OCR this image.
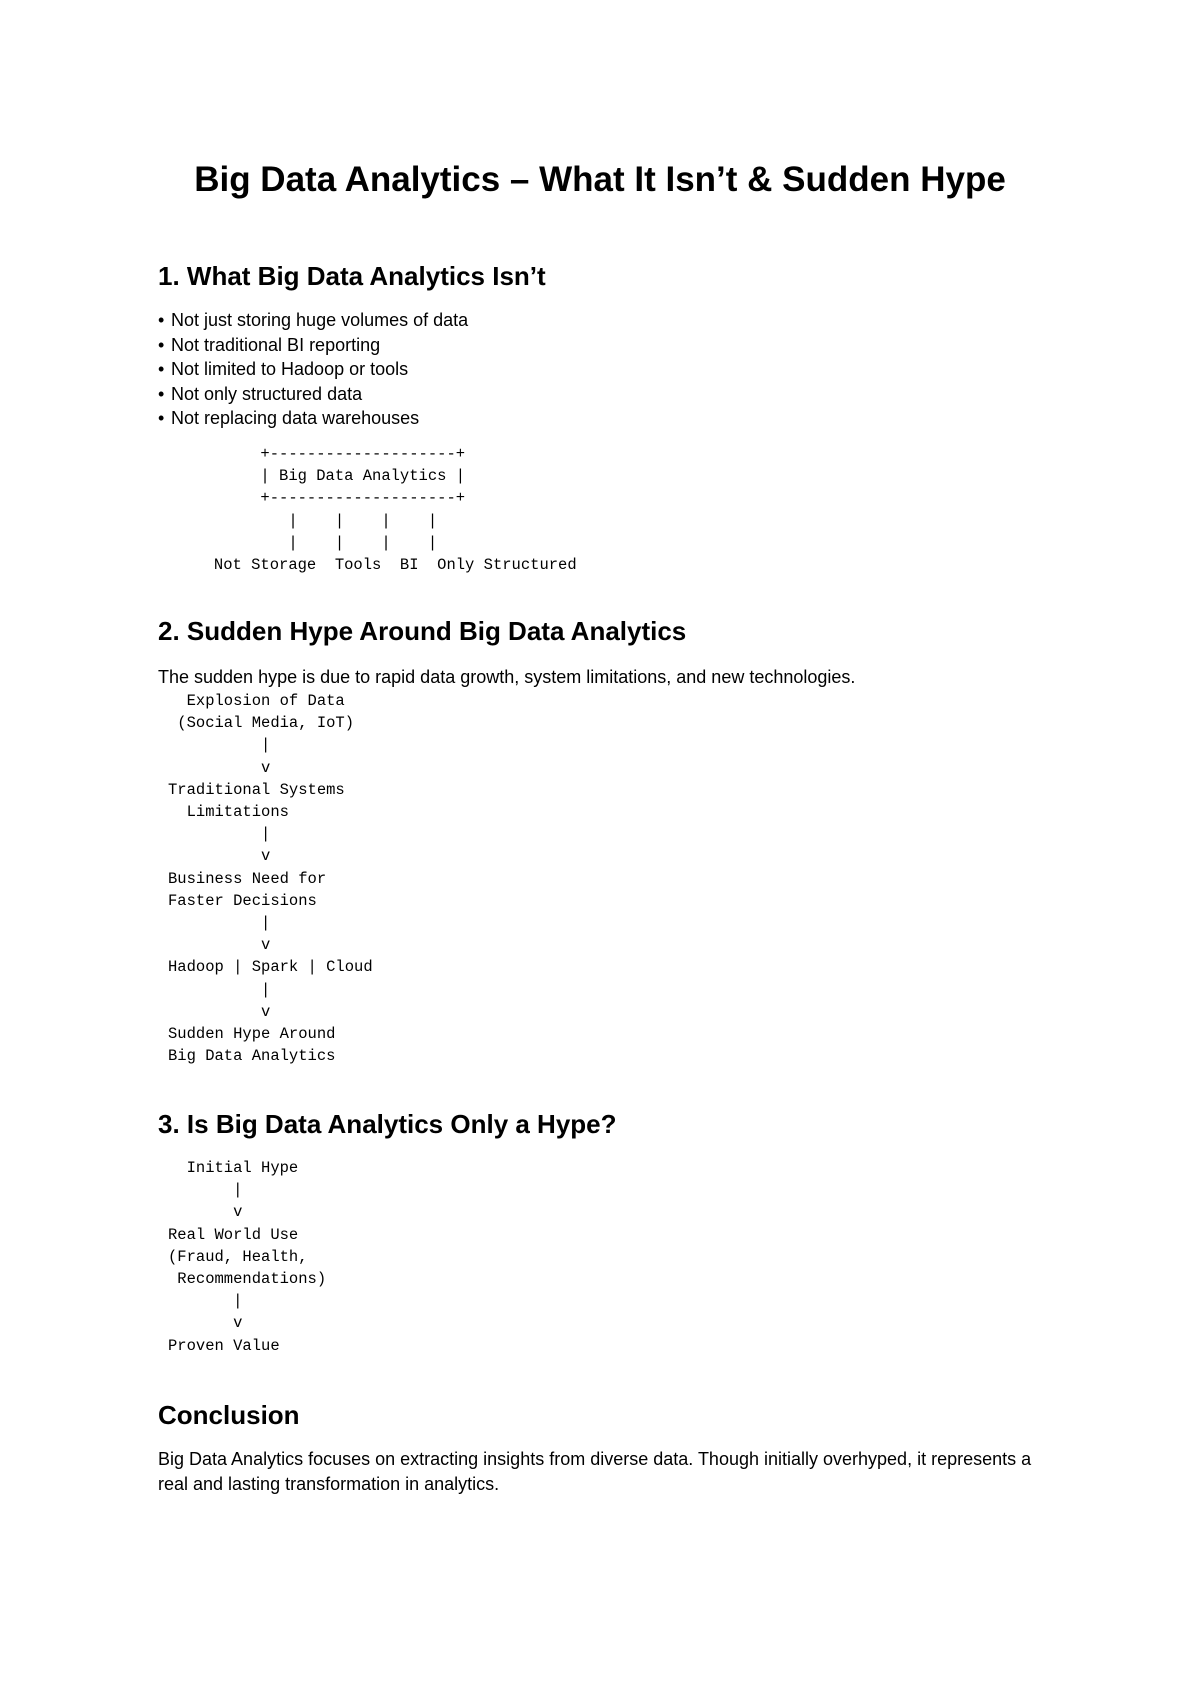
Big Data Analytics – What It Isn’t & Sudden Hype
1. What Big Data Analytics Isn’t
• Not just storing huge volumes of data
• Not traditional BI reporting
• Not limited to Hadoop or tools
• Not only structured data
• Not replacing data warehouses
+--------------------+
| Big Data Analytics |
+--------------------+
|    |    |    |
|    |    |    |
Not Storage  Tools  BI  Only Structured
2. Sudden Hype Around Big Data Analytics

The sudden hype is due to rapid data growth, system limitations, and new technologies.

Explosion of Data
(Social Media, IoT)
|
v
Traditional Systems
Limitations
|
v
Business Need for
Faster Decisions
|
v
Hadoop | Spark | Cloud
|
v
Sudden Hype Around
Big Data Analytics
3. Is Big Data Analytics Only a Hype?
Initial Hype
|
v
Real World Use
(Fraud, Health,
Recommendations)
|
v
Proven Value
Conclusion

Big Data Analytics focuses on extracting insights from diverse data. Though initially overhyped, it represents a real and lasting transformation in analytics.
